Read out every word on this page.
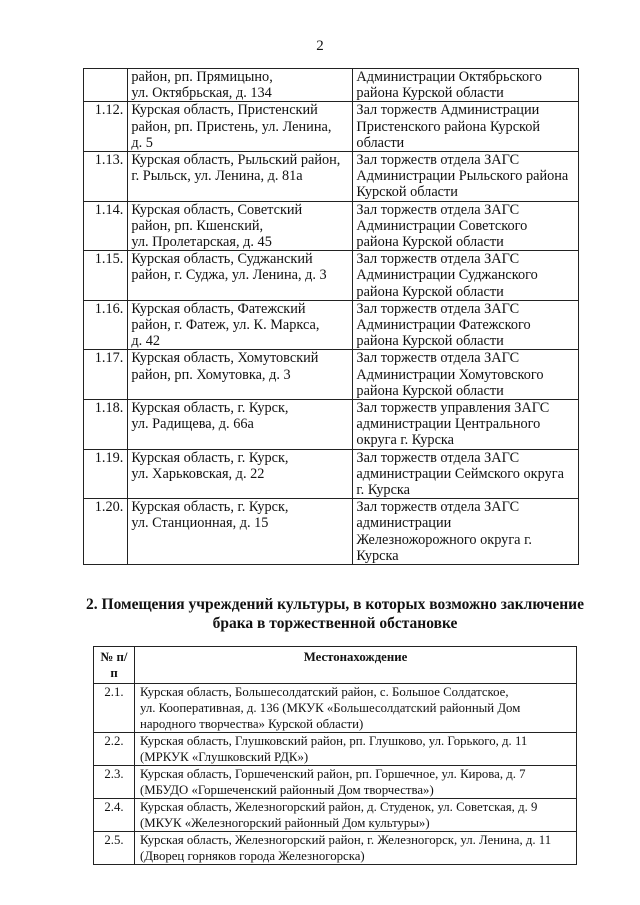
2

	район, рп. Прямицыно,
ул. Октябрьская, д. 134	Администрации Октябрьского
района Курской области

1.12.	Курская область, Пристенский
район, рп. Пристень, ул. Ленина,
д. 5	Зал торжеств Администрации
Пристенского района Курской
области

1.13.	Курская область, Рыльский район,
г. Рыльск, ул. Ленина, д. 81а	Зал торжеств отдела ЗАГС
Администрации Рыльского района
Курской области

1.14.	Курская область, Советский
район, рп. Кшенский,
ул. Пролетарская, д. 45	Зал торжеств отдела ЗАГС
Администрации Советского
района Курской области

1.15.	Курская область, Суджанский
район, г. Суджа, ул. Ленина, д. 3	Зал торжеств отдела ЗАГС
Администрации Суджанского
района Курской области

1.16.	Курская область, Фатежский
район, г. Фатеж, ул. К. Маркса,
д. 42	Зал торжеств отдела ЗАГС
Администрации Фатежского
района Курской области

1.17.	Курская область, Хомутовский
район, рп. Хомутовка, д. 3	Зал торжеств отдела ЗАГС
Администрации Хомутовского
района Курской области

1.18.	Курская область, г. Курск,
ул. Радищева, д. 66а	Зал торжеств управления ЗАГС
администрации Центрального
округа г. Курска

1.19.	Курская область, г. Курск,
ул. Харьковская, д. 22	Зал торжеств отдела ЗАГС
администрации Сеймского округа
г. Курска

1.20.	Курская область, г. Курск,
ул. Станционная, д. 15	Зал торжеств отдела ЗАГС
администрации
Железножорожного округа г.
Курска
2. Помещения учреждений культуры, в которых возможно заключение
брака в торжественной обстановке
№ п/п	Местонахождение
2.1.	Курская область, Большесолдатский район, с. Большое Солдатское,
ул. Кооперативная, д. 136 (МКУК «Большесолдатский районный Дом
народного творчества» Курской области)

2.2.	Курская область, Глушковский район, рп. Глушково, ул. Горького, д. 11
(МРКУК «Глушковский РДК»)

2.3.	Курская область, Горшеченский район, рп. Горшечное, ул. Кирова, д. 7
(МБУДО «Горшеченский районный Дом творчества»)

2.4.	Курская область, Железногорский район, д. Студенок, ул. Советская, д. 9
(МКУК «Железногорский районный Дом культуры»)

2.5.	Курская область, Железногорский район, г. Железногорск, ул. Ленина, д. 11
(Дворец горняков города Железногорска)
